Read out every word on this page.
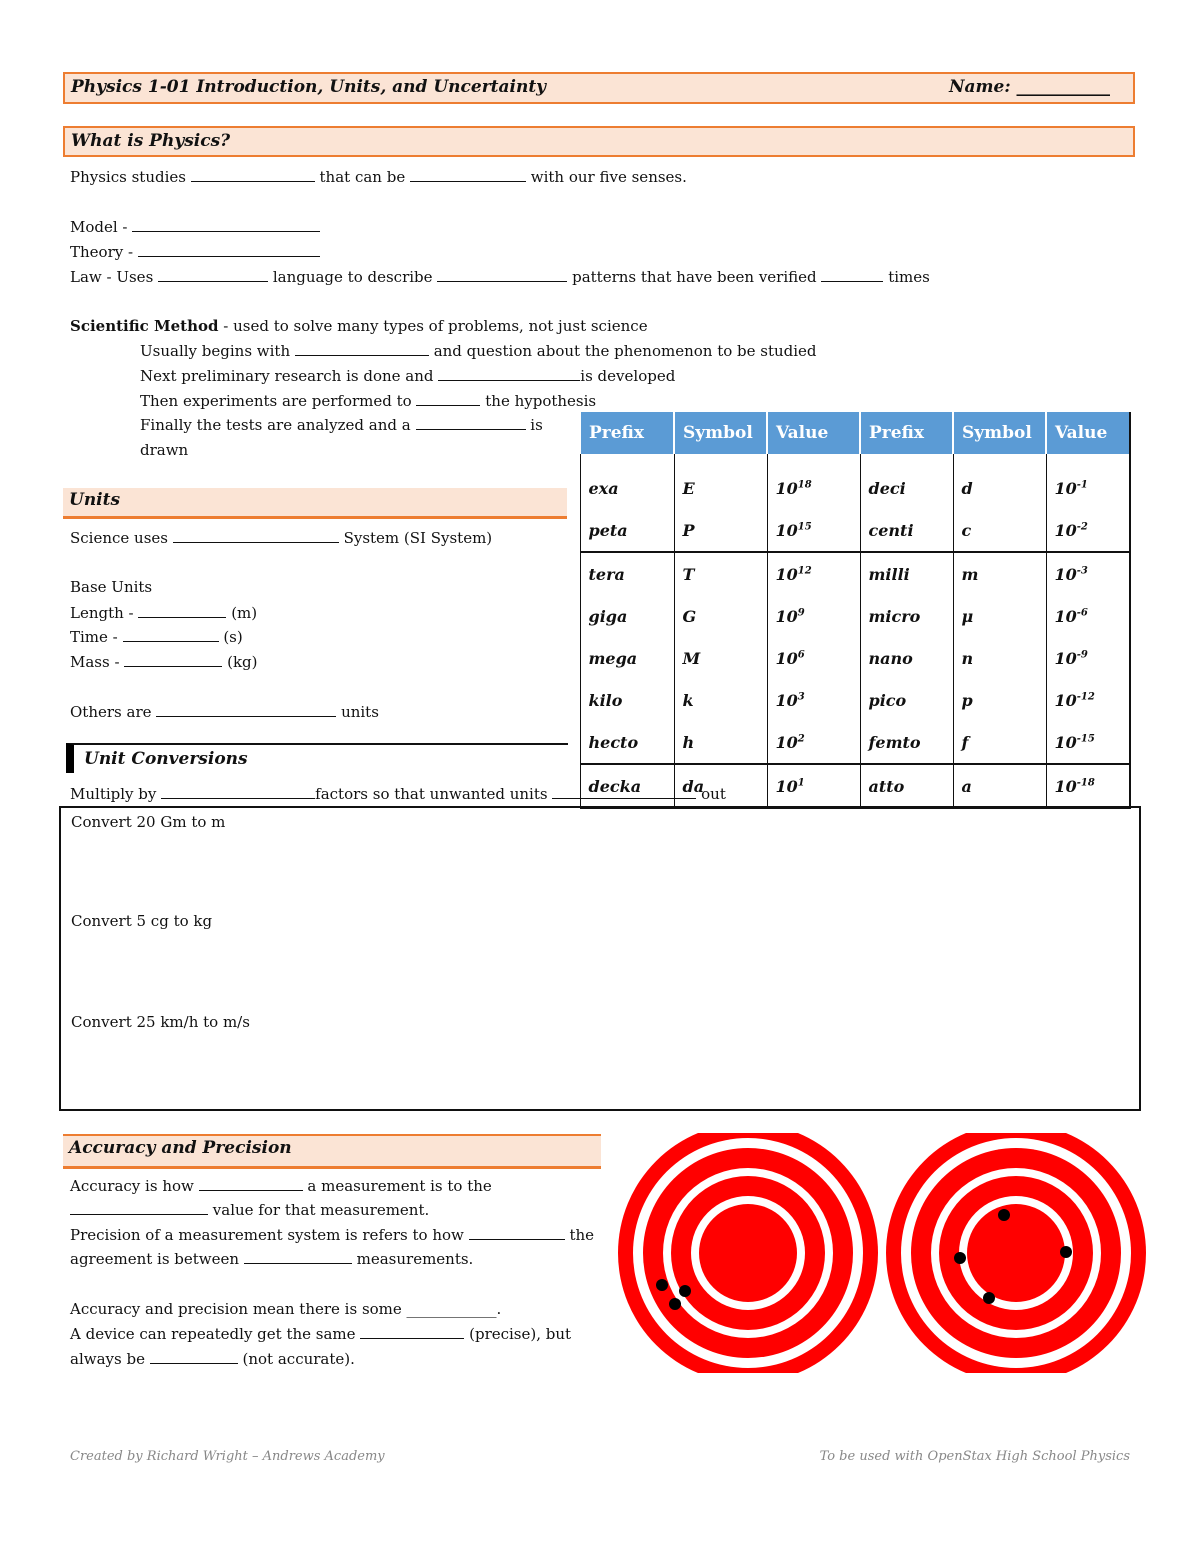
Physics 1-01 Introduction, Units, and Uncertainty	Name: ___________
What is Physics?
Physics studies	that can be	with our five senses.
Model -
Theory -
Law - Uses	language to describe	patterns that have been verified	times
Scientific Method - used to solve many types of problems, not just science
Usually begins with	and question about the phenomenon to be studied
Next preliminary research is done and	is developed
Then experiments are performed to	the hypothesis
Finally the tests are analyzed and a	is
drawn
Units
Science uses	System (SI System)
Base Units
Length -	(m)
Time -	(s)
Mass -	(kg)
Others are	units
Unit Conversions
Multiply by	factors so that unwanted units	out
Prefix	Symbol	Value	Prefix	Symbol	Value
exa	E	$10^{18}$	deci	d	$10^{-1}$
peta	P	$10^{15}$	centi	c	$10^{-2}$
tera	T	$10^{12}$	milli	m	$10^{-3}$
giga	G	$10^9$	micro	μ	$10^{-6}$
mega	M	$10^6$	nano	n	$10^{-9}$
kilo	k	$10^3$	pico	p	$10^{-12}$
hecto	h	$10^2$	femto	f	$10^{-15}$
decka	da	$10^1$	atto	a	$10^{-18}$
Convert 20 Gm to m
Convert 5 cg to kg
Convert 25 km/h to m/s
Accuracy and Precision
Accuracy is how	a measurement is to the
value for that measurement.
Precision of a measurement system is refers to how	the
agreement is between	measurements.
Accuracy and precision mean there is some ____________.
A device can repeatedly get the same	(precise), but
always be	(not accurate).
Created by Richard Wright – Andrews Academy	To be used with OpenStax High School Physics
